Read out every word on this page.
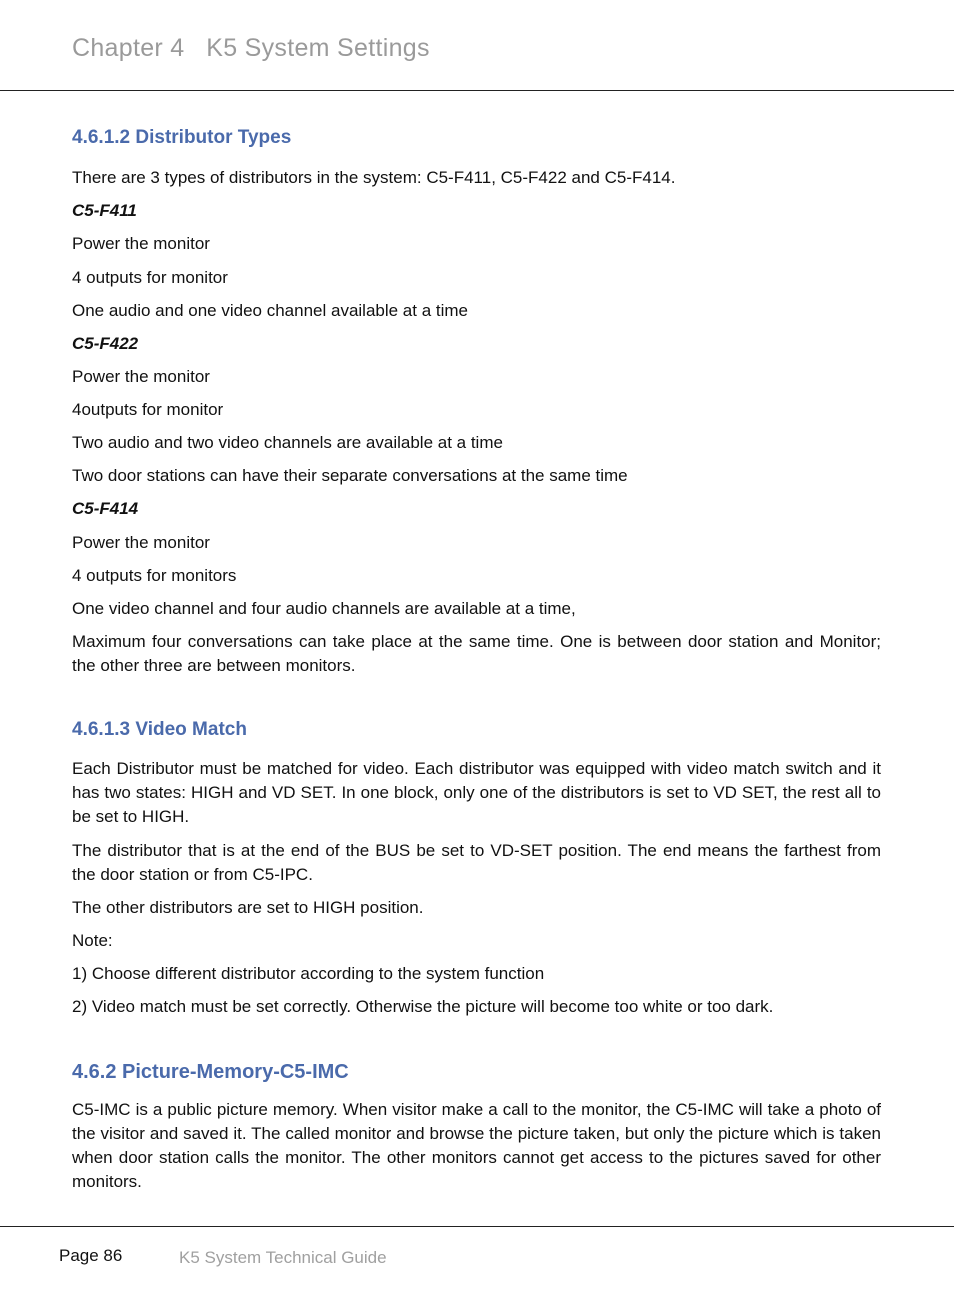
Chapter 4   K5 System Settings
4.6.1.2 Distributor Types

There are 3 types of distributors in the system: C5-F411, C5-F422 and C5-F414.

C5-F411

Power the monitor

4 outputs for monitor

One audio and one video channel available at a time

C5-F422

Power the monitor

4outputs for monitor

Two audio and two video channels are available at a time

Two door stations can have their separate conversations at the same time

C5-F414

Power the monitor

4 outputs for monitors

One video channel and four audio channels are available at a time,

Maximum four conversations can take place at the same time. One is between door station and Monitor; the other three are between monitors.

4.6.1.3 Video Match

Each Distributor must be matched for video. Each distributor was equipped with video match switch and it has two states: HIGH and VD SET. In one block, only one of the distributors is set to VD SET, the rest all to be set to HIGH.

The distributor that is at the end of the BUS be set to VD-SET position. The end means the farthest from the door station or from C5-IPC.

The other distributors are set to HIGH position.

Note:

1) Choose different distributor according to the system function

2) Video match must be set correctly. Otherwise the picture will become too white or too dark.

4.6.2 Picture-Memory-C5-IMC

C5-IMC is a public picture memory. When visitor make a call to the monitor, the C5-IMC will take a photo of the visitor and saved it. The called monitor and browse the picture taken, but only the picture which is taken when door station calls the monitor. The other monitors cannot get access to the pictures saved for other monitors.

Page 86	K5 System Technical Guide
